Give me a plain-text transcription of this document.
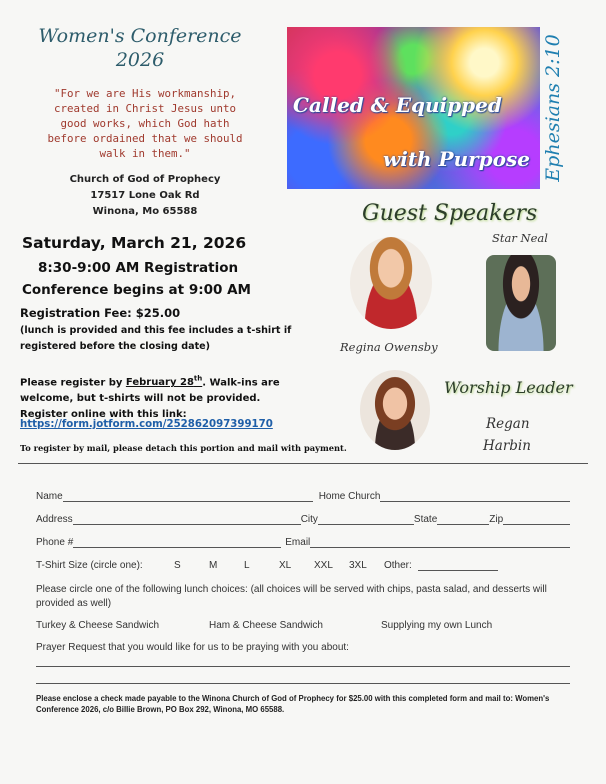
Women's Conference
2026
"For we are His workmanship,
created in Christ Jesus unto
good works, which God hath
before ordained that we should
walk in them."
Church of God of Prophecy
17517 Lone Oak Rd
Winona, Mo 65588
Called & Equipped
with Purpose Ephesians 2:10
Saturday, March 21, 2026
8:30-9:00 AM Registration
Conference begins at 9:00 AM
Registration Fee: $25.00
(lunch is provided and this fee includes a t-shirt if
registered before the closing date)
Please register by February 28th. Walk-ins are
welcome, but t-shirts will not be provided.
Register online with this link:
https://form.jotform.com/252862097399170
To register by mail, please detach this portion and mail with payment.
Guest Speakers
Star Neal
Regina Owensby
Worship Leader
Regan
Harbin
Name	Home Church
Address	City	State	Zip
Phone #	Email
T-Shirt Size (circle one):	S	M	L	XL	XXL	3XL	Other:
Please circle one of the following lunch choices: (all choices will be served with chips, pasta salad, and desserts will provided as well)
Turkey & Cheese Sandwich	Ham & Cheese Sandwich	Supplying my own Lunch
Prayer Request that you would like for us to be praying with you about:
Please enclose a check made payable to the Winona Church of God of Prophecy for $25.00 with this completed form and mail to: Women's Conference 2026, c/o Billie Brown, PO Box 292, Winona, MO 65588.
